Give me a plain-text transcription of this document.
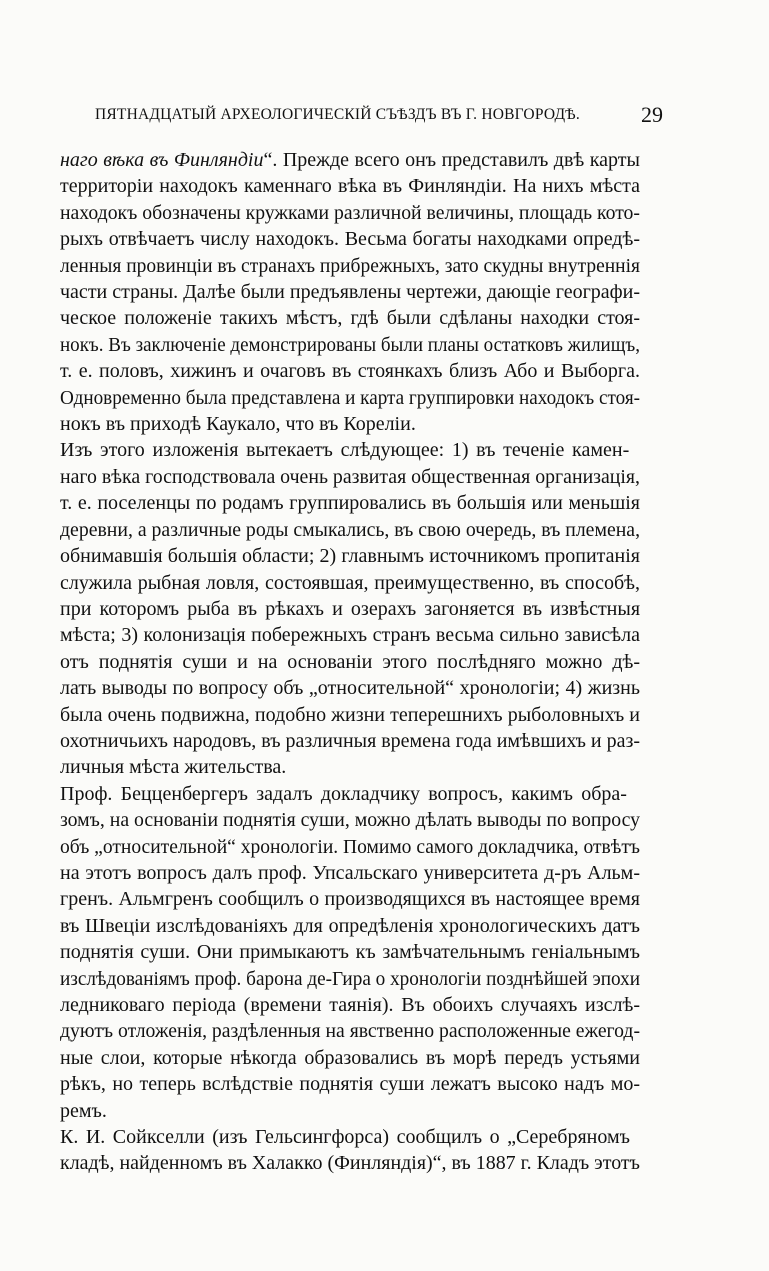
ПЯТНАДЦАТЫЙ АРХЕОЛОГИЧЕСКІЙ СЪѢЗДЪ ВЪ Г. НОВГОРОДѢ.	29
наго вѣка въ Финляндіи“. Прежде всего онъ представилъ двѣ карты
территоріи находокъ каменнаго вѣка въ Финляндіи. На нихъ мѣста
находокъ обозначены кружками различной величины, площадь кото-
рыхъ отвѣчаетъ числу находокъ. Весьма богаты находками опредѣ-
ленныя провинціи въ странахъ прибрежныхъ, зато скудны внутреннія
части страны. Далѣе были предъявлены чертежи, дающіе географи-
ческое положеніе такихъ мѣстъ, гдѣ были сдѣланы находки стоя-
нокъ. Въ заключеніе демонстрированы были планы остатковъ жилищъ,
т. е. половъ, хижинъ и очаговъ въ стоянкахъ близъ Або и Выборга.
Одновременно была представлена и карта группировки находокъ стоя-
нокъ въ приходѣ Каукало, что въ Кореліи.
Изъ этого изложенія вытекаетъ слѣдующее: 1) въ теченіе камен-
наго вѣка господствовала очень развитая общественная организація,
т. е. поселенцы по родамъ группировались въ большія или меньшія
деревни, а различные роды смыкались, въ свою очередь, въ племена,
обнимавшія большія области; 2) главнымъ источникомъ пропитанія
служила рыбная ловля, состоявшая, преимущественно, въ способѣ,
при которомъ рыба въ рѣкахъ и озерахъ загоняется въ извѣстныя
мѣста; 3) колонизація побережныхъ странъ весьма сильно зависѣла
отъ поднятія суши и на основаніи этого послѣдняго можно дѣ-
лать выводы по вопросу объ „относительной“ хронологіи; 4) жизнь
была очень подвижна, подобно жизни теперешнихъ рыболовныхъ и
охотничьихъ народовъ, въ различныя времена года имѣвшихъ и раз-
личныя мѣста жительства.
Проф. Бецценбергеръ задалъ докладчику вопросъ, какимъ обра-
зомъ, на основаніи поднятія суши, можно дѣлать выводы по вопросу
объ „относительной“ хронологіи. Помимо самого докладчика, отвѣтъ
на этотъ вопросъ далъ проф. Упсальскаго университета д-ръ Альм-
гренъ. Альмгренъ сообщилъ о производящихся въ настоящее время
въ Швеціи изслѣдованіяхъ для опредѣленія хронологическихъ датъ
поднятія суши. Они примыкаютъ къ замѣчательнымъ геніальнымъ
изслѣдованіямъ проф. барона де-Гира о хронологіи позднѣйшей эпохи
ледниковаго періода (времени таянія). Въ обоихъ случаяхъ изслѣ-
дуютъ отложенія, раздѣленныя на явственно расположенные ежегод-
ные слои, которые нѣкогда образовались въ морѣ передъ устьями
рѣкъ, но теперь вслѣдствіе поднятія суши лежатъ высоко надъ мо-
ремъ.
К. И. Сойкселли (изъ Гельсингфорса) сообщилъ о „Серебряномъ
кладѣ, найденномъ въ Халакко (Финляндія)“, въ 1887 г. Кладъ этотъ
